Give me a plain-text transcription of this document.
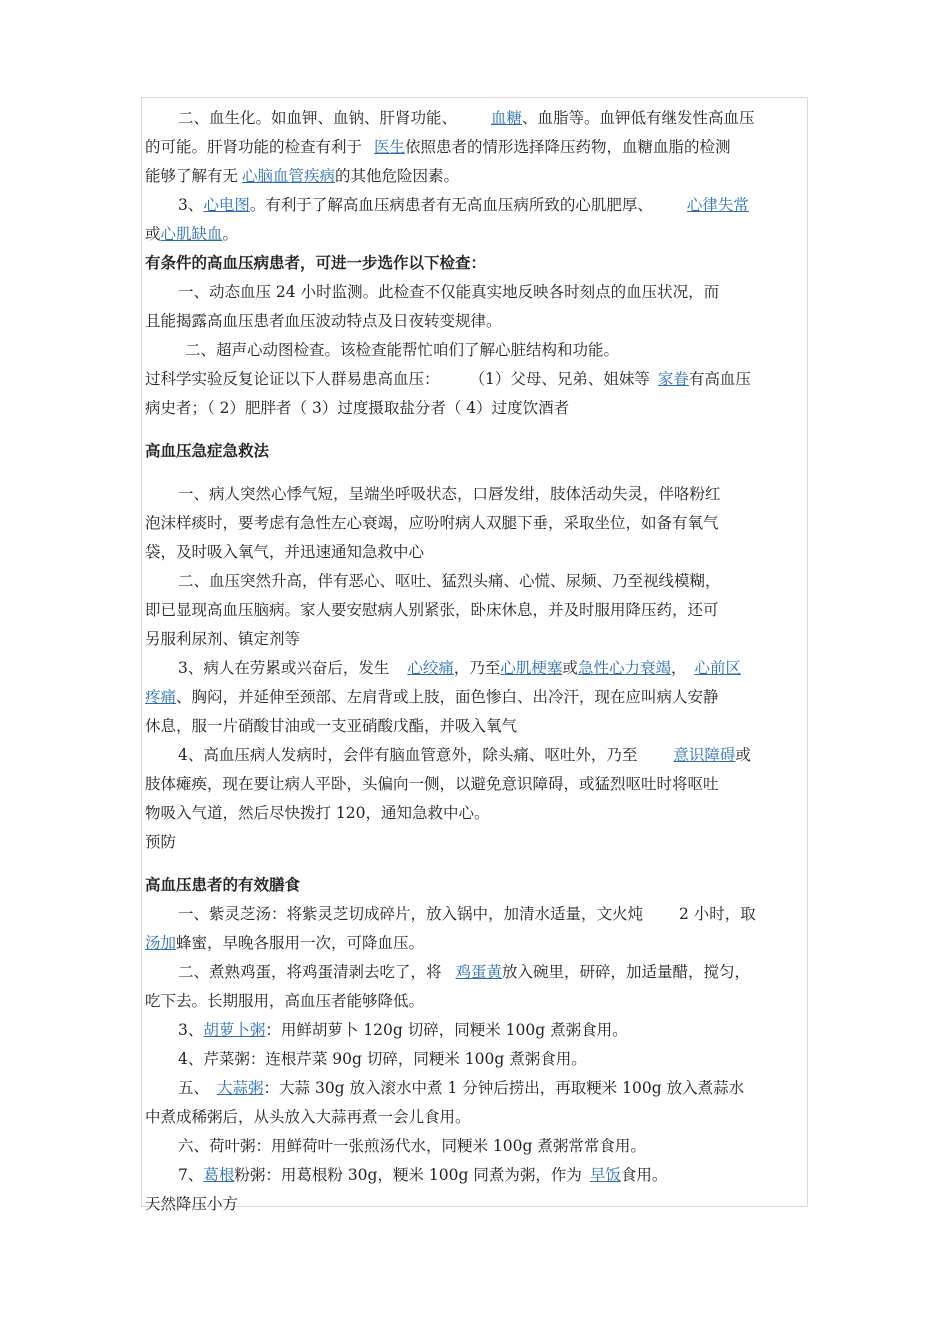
二、血生化。如血钾、血钠、肝肾功能、 血糖、血脂等。血钾低有继发性高血压
的可能。肝肾功能的检查有利于 医生依照患者的情形选择降压药物，血糖血脂的检测
能够了解有无 心脑血管疾病的其他危险因素。
3、心电图。有利于了解高血压病患者有无高血压病所致的心肌肥厚、 心律失常
或心肌缺血。
有条件的高血压病患者，可进一步选作以下检查：
一、动态血压 24 小时监测。此检查不仅能真实地反映各时刻点的血压状况，而
且能揭露高血压患者血压波动特点及日夜转变规律。
二、超声心动图检查。该检查能帮忙咱们了解心脏结构和功能。
过科学实验反复论证以下人群易患高血压： （1）父母、兄弟、姐妹等 家眷有高血压
病史者；（ 2）肥胖者（ 3）过度摄取盐分者（ 4）过度饮酒者
高血压急症急救法
一、病人突然心悸气短，呈端坐呼吸状态，口唇发绀，肢体活动失灵，伴咯粉红
泡沫样痰时，要考虑有急性左心衰竭，应吩咐病人双腿下垂，采取坐位，如备有氧气
袋，及时吸入氧气，并迅速通知急救中心
二、血压突然升高，伴有恶心、呕吐、猛烈头痛、心慌、尿频、乃至视线模糊，
即已显现高血压脑病。家人要安慰病人别紧张，卧床休息，并及时服用降压药，还可
另服利尿剂、镇定剂等
3、病人在劳累或兴奋后，发生 心绞痛，乃至心肌梗塞或急性心力衰竭， 心前区
疼痛、胸闷，并延伸至颈部、左肩背或上肢，面色惨白、出冷汗，现在应叫病人安静
休息，服一片硝酸甘油或一支亚硝酸戊酯，并吸入氧气
4、高血压病人发病时，会伴有脑血管意外，除头痛、呕吐外，乃至 意识障碍或
肢体瘫痪，现在要让病人平卧，头偏向一侧，以避免意识障碍，或猛烈呕吐时将呕吐
物吸入气道，然后尽快拨打 120，通知急救中心。
预防
高血压患者的有效膳食
一、紫灵芝汤：将紫灵芝切成碎片，放入锅中，加清水适量，文火炖 2 小时，取
汤加蜂蜜，早晚各服用一次，可降血压。
二、煮熟鸡蛋，将鸡蛋清剥去吃了，将 鸡蛋黄放入碗里，研碎，加适量醋，搅匀，
吃下去。长期服用，高血压者能够降低。
3、胡萝卜粥：用鲜胡萝卜 120g 切碎，同粳米 100g 煮粥食用。
4、芹菜粥：连根芹菜 90g 切碎，同粳米 100g 煮粥食用。
五、 大蒜粥：大蒜 30g 放入滚水中煮 1 分钟后捞出，再取粳米 100g 放入煮蒜水
中煮成稀粥后，从头放入大蒜再煮一会儿食用。
六、荷叶粥：用鲜荷叶一张煎汤代水，同粳米 100g 煮粥常常食用。
7、葛根粉粥：用葛根粉 30g，粳米 100g 同煮为粥，作为 早饭食用。
天然降压小方
